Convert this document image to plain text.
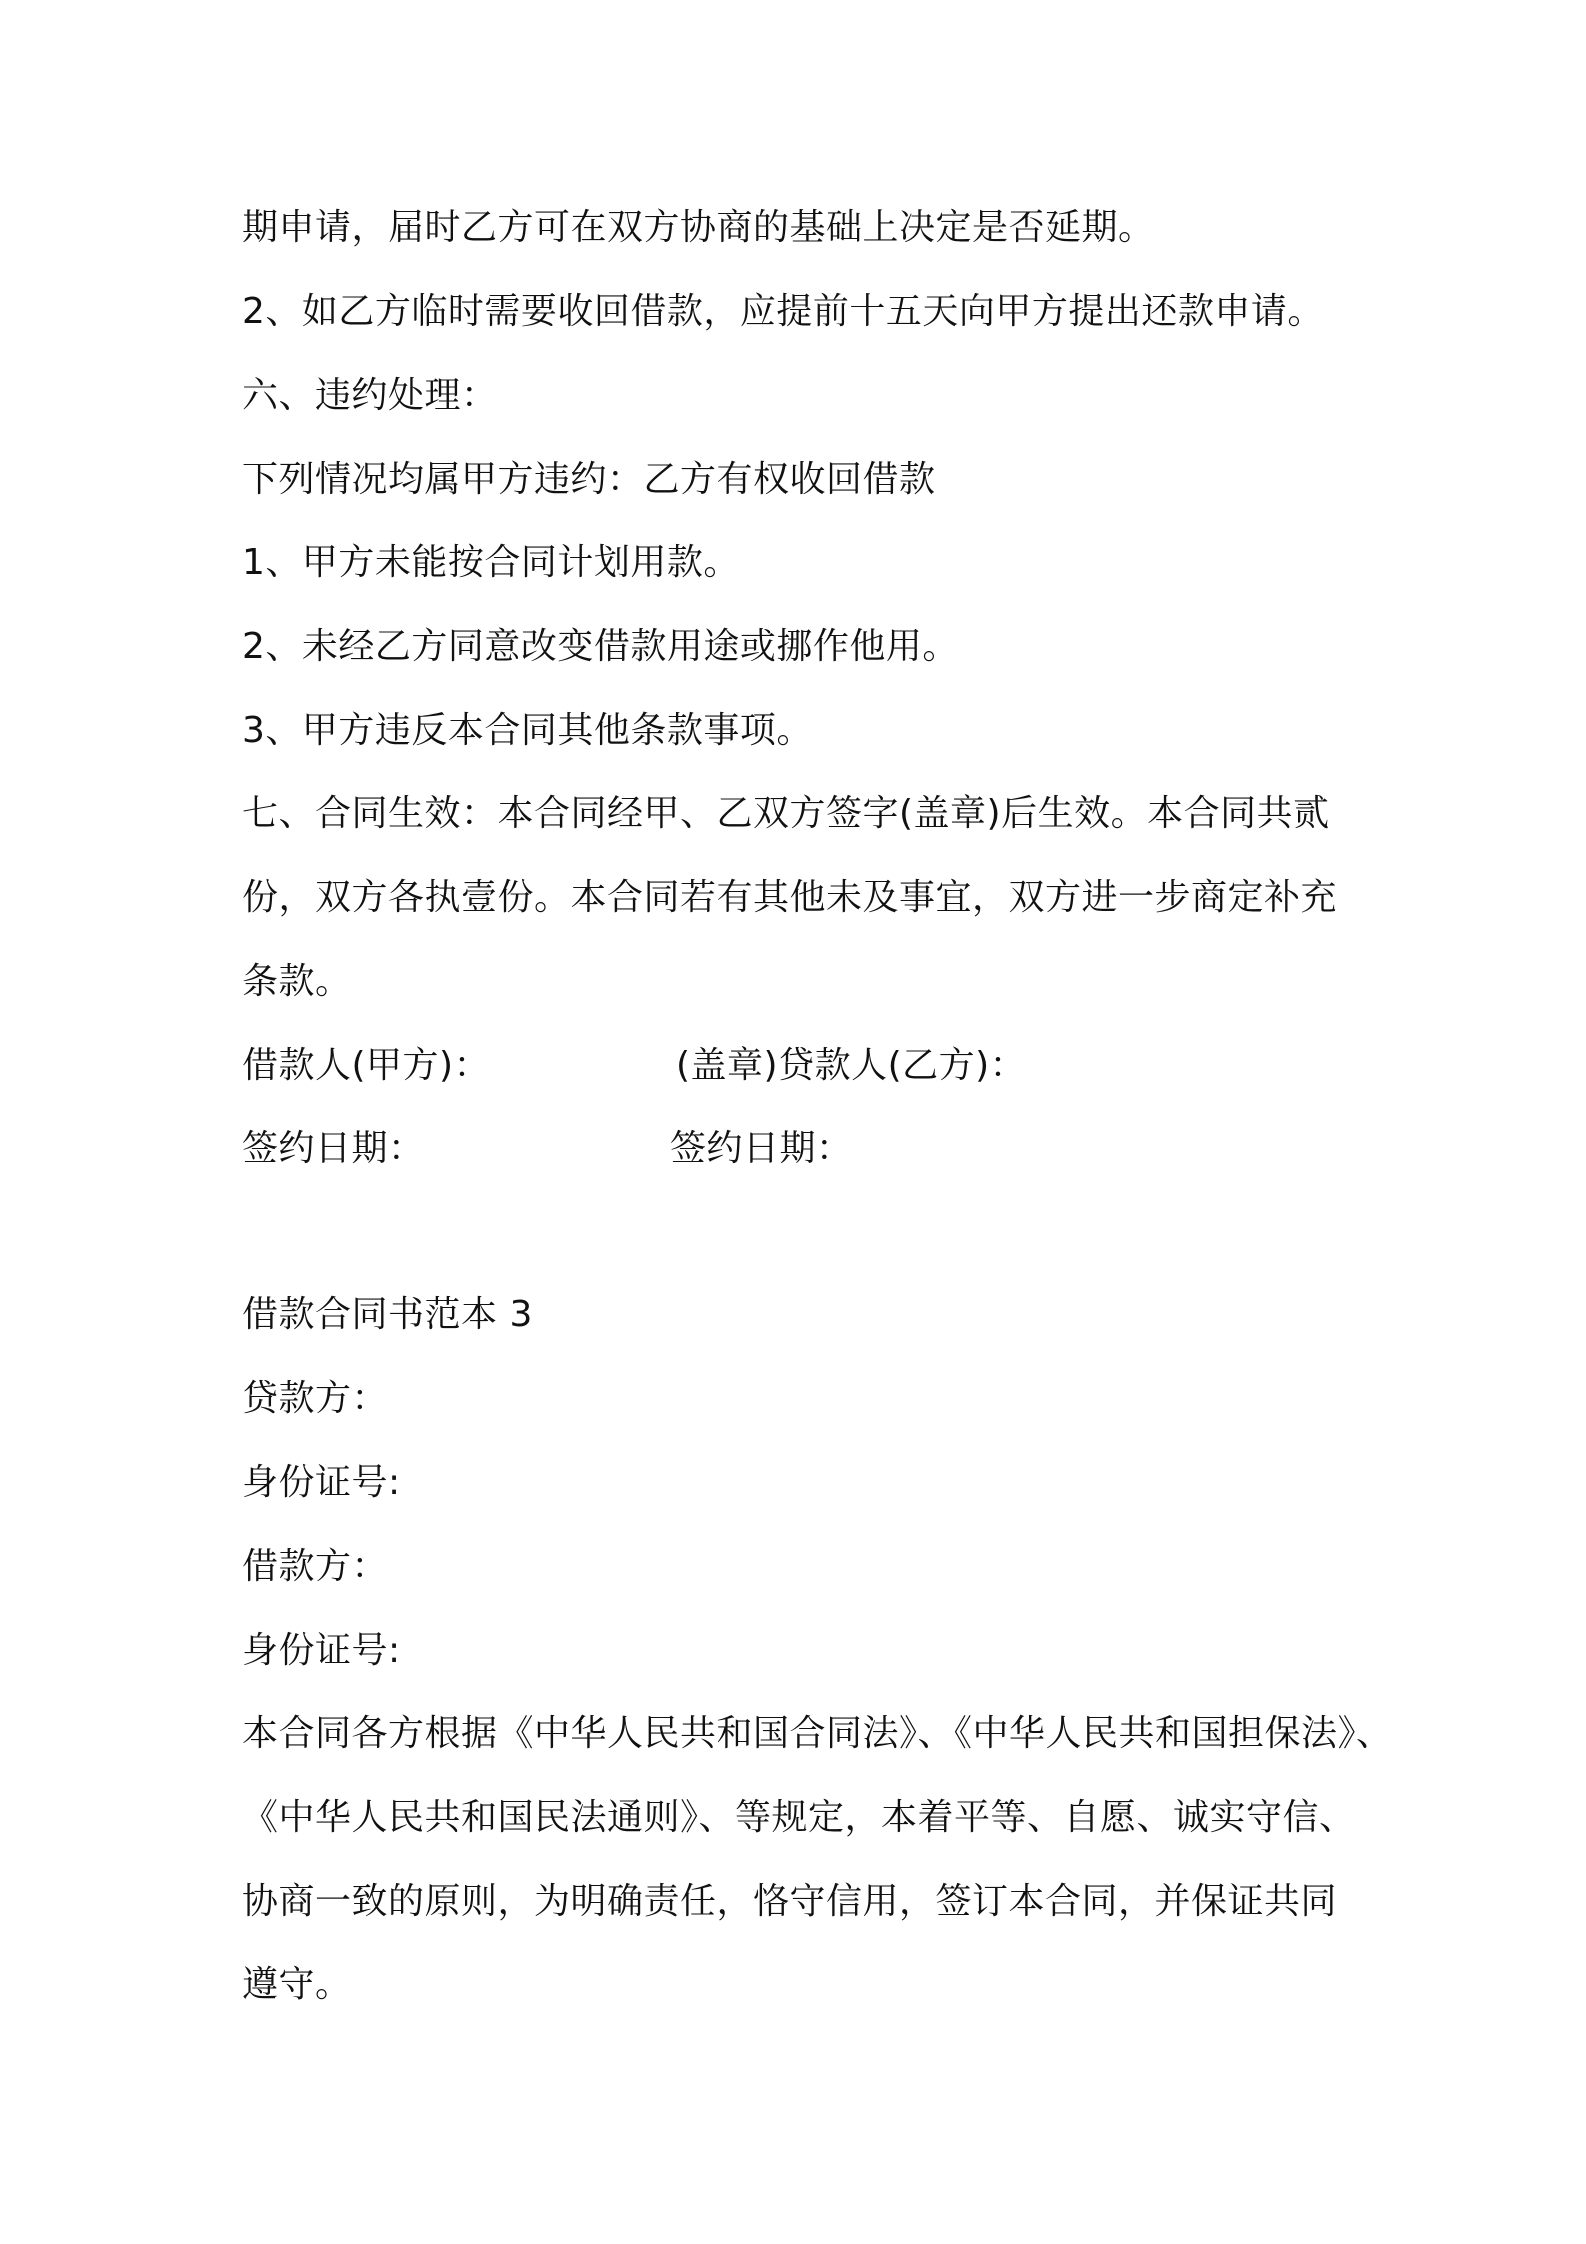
期申请，届时乙方可在双方协商的基础上决定是否延期。
2、如乙方临时需要收回借款，应提前十五天向甲方提出还款申请。
六、违约处理：
下列情况均属甲方违约：乙方有权收回借款
1、甲方未能按合同计划用款。
2、未经乙方同意改变借款用途或挪作他用。
3、甲方违反本合同其他条款事项。
七、合同生效：本合同经甲、乙双方签字(盖章)后生效。本合同共贰
份，双方各执壹份。本合同若有其他未及事宜，双方进一步商定补充
条款。
借款人(甲方)：	(盖章)贷款人(乙方)：
签约日期：	签约日期：
借款合同书范本 3
贷款方：
身份证号:
借款方：
身份证号:
本合同各方根据《中华人民共和国合同法》、《中华人民共和国担保法》、
《中华人民共和国民法通则》、等规定，本着平等、自愿、诚实守信、
协商一致的原则，为明确责任，恪守信用，签订本合同，并保证共同
遵守。
